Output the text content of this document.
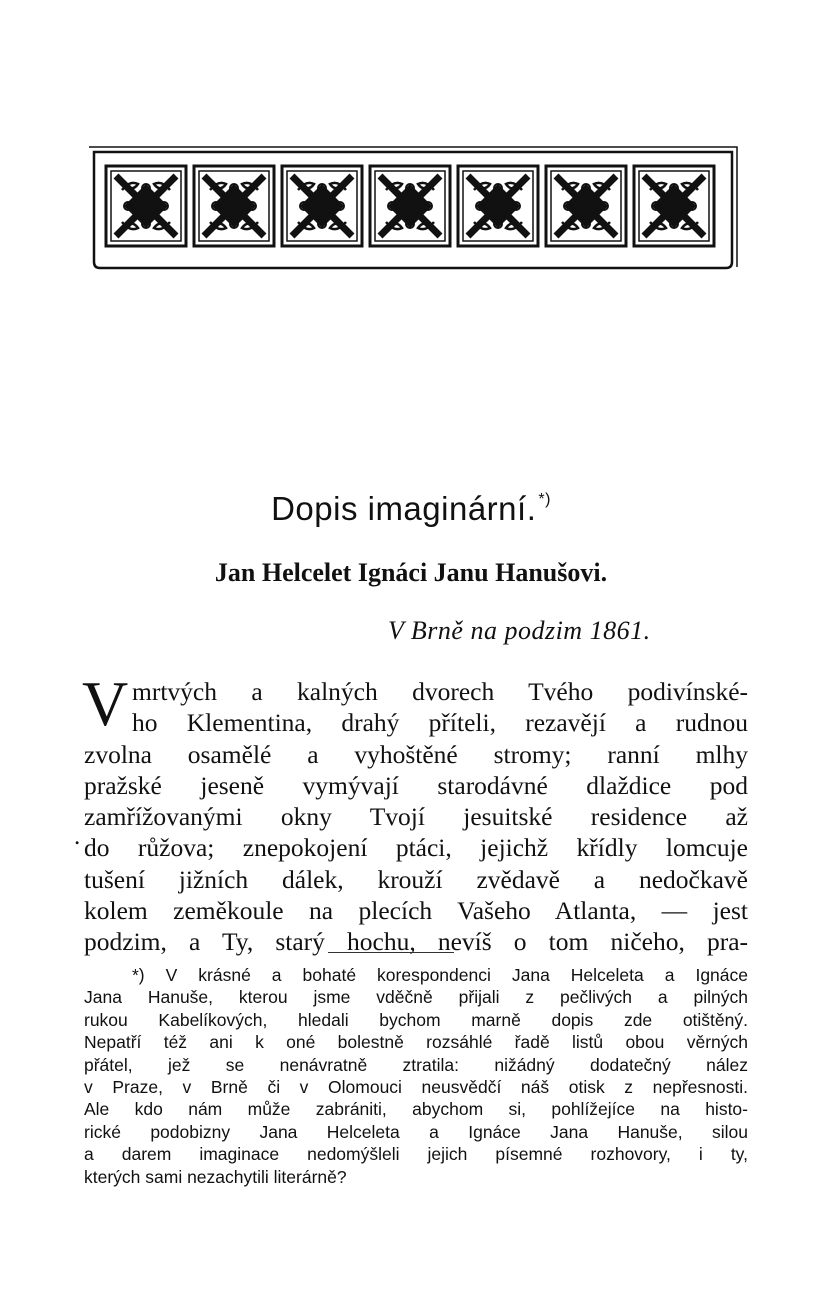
Dopis imaginární. *)
Jan Helcelet Ignáci Janu Hanušovi.
V Brně na podzim 1861.
V
.
mrtvých a kalných dvorech Tvého podivínské-
ho Klementina, drahý příteli, rezavějí a rudnou
zvolna osamělé a vyhoštěné stromy; ranní mlhy
pražské jeseně vymývají starodávné dlaždice pod
zamřížovanými okny Tvojí jesuitské residence až
do růžova; znepokojení ptáci, jejichž křídly lomcuje
tušení jižních dálek, krouží zvědavě a nedočkavě
kolem zeměkoule na plecích Vašeho Atlanta, — jest
podzim, a Ty, starý hochu, nevíš o tom ničeho, pra-
*) V krásné a bohaté korespondenci Jana Helceleta a Ignáce
Jana Hanuše, kterou jsme vděčně přijali z pečlivých a pilných
rukou Kabelíkových, hledali bychom marně dopis zde otištěný.
Nepatří též ani k oné bolestně rozsáhlé řadě listů obou věrných
přátel, jež se nenávratně ztratila: nižádný dodatečný nález
v Praze, v Brně či v Olomouci neusvědčí náš otisk z nepřesnosti.
Ale kdo nám může zabrániti, abychom si, pohlížejíce na histo-
rické podobizny Jana Helceleta a Ignáce Jana Hanuše, silou
a darem imaginace nedomýšleli jejich písemné rozhovory, i ty,
kterých sami nezachytili literárně?
